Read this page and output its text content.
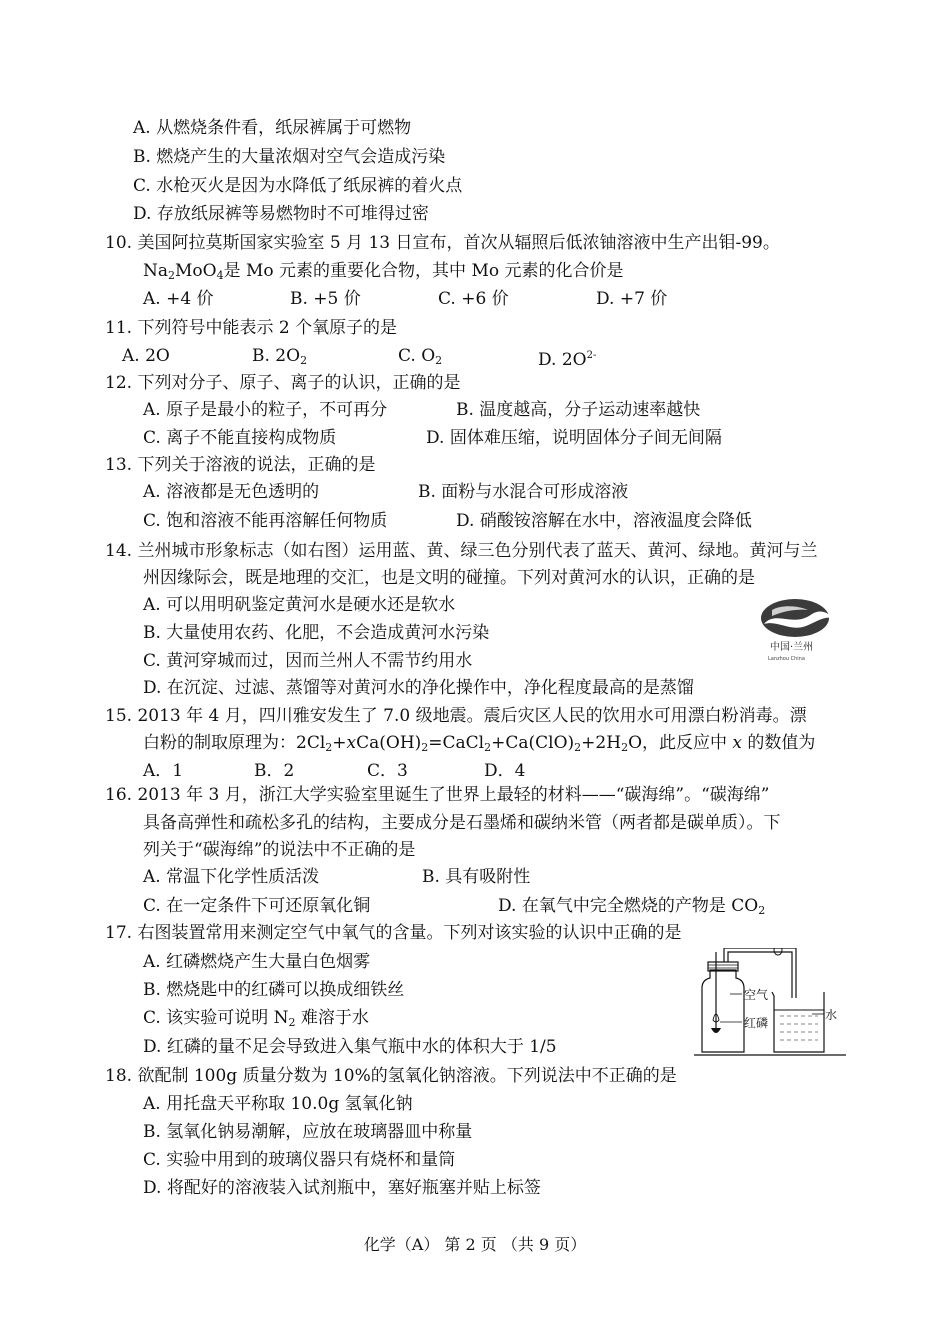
A. 从燃烧条件看，纸尿裤属于可燃物
B. 燃烧产生的大量浓烟对空气会造成污染
C. 水枪灭火是因为水降低了纸尿裤的着火点
D. 存放纸尿裤等易燃物时不可堆得过密
10. 美国阿拉莫斯国家实验室 5 月 13 日宣布，首次从辐照后低浓铀溶液中生产出钼-99。
$Na_2MoO_4$是 Mo 元素的重要化合物，其中 Mo 元素的化合价是
A. +4 价	B. +5 价	C. +6 价	D. +7 价
11. 下列符号中能表示 2 个氧原子的是
A. 2O	B. $2O_2$	C. $O_2$	D. $2O^{2-}$
12. 下列对分子、原子、离子的认识，正确的是
A. 原子是最小的粒子，不可再分	B. 温度越高，分子运动速率越快
C. 离子不能直接构成物质	D. 固体难压缩，说明固体分子间无间隔
13. 下列关于溶液的说法，正确的是
A. 溶液都是无色透明的	B. 面粉与水混合可形成溶液
C. 饱和溶液不能再溶解任何物质	D. 硝酸铵溶解在水中，溶液温度会降低
14. 兰州城市形象标志（如右图）运用蓝、黄、绿三色分别代表了蓝天、黄河、绿地。黄河与兰
州因缘际会，既是地理的交汇，也是文明的碰撞。下列对黄河水的认识，正确的是
A. 可以用明矾鉴定黄河水是硬水还是软水
B. 大量使用农药、化肥，不会造成黄河水污染
C. 黄河穿城而过，因而兰州人不需节约用水
D. 在沉淀、过滤、蒸馏等对黄河水的净化操作中，净化程度最高的是蒸馏
中国·兰州
Lanzhou China
15. 2013 年 4 月，四川雅安发生了 7.0 级地震。震后灾区人民的饮用水可用漂白粉消毒。漂
白粉的制取原理为：$2Cl_2+xCa(OH)_2=CaCl_2+Ca(ClO)_2+2H_2O$，此反应中 x 的数值为
A．1	B．2	C．3	D．4
16. 2013 年 3 月，浙江大学实验室里诞生了世界上最轻的材料——“碳海绵”。“碳海绵”
具备高弹性和疏松多孔的结构，主要成分是石墨烯和碳纳米管（两者都是碳单质）。下
列关于“碳海绵”的说法中不正确的是
A. 常温下化学性质活泼	B. 具有吸附性
C. 在一定条件下可还原氧化铜	D. 在氧气中完全燃烧的产物是 $CO_2$
17. 右图装置常用来测定空气中氧气的含量。下列对该实验的认识中正确的是
A. 红磷燃烧产生大量白色烟雾
B. 燃烧匙中的红磷可以换成细铁丝
C. 该实验可说明 $N_2$ 难溶于水
D. 红磷的量不足会导致进入集气瓶中水的体积大于 1/5
空气
红磷
水
18. 欲配制 100g 质量分数为 10%的氢氧化钠溶液。下列说法中不正确的是
A. 用托盘天平称取 10.0g 氢氧化钠
B. 氢氧化钠易潮解，应放在玻璃器皿中称量
C. 实验中用到的玻璃仪器只有烧杯和量筒
D. 将配好的溶液装入试剂瓶中，塞好瓶塞并贴上标签
化学（A） 第 2 页 （共 9 页）
